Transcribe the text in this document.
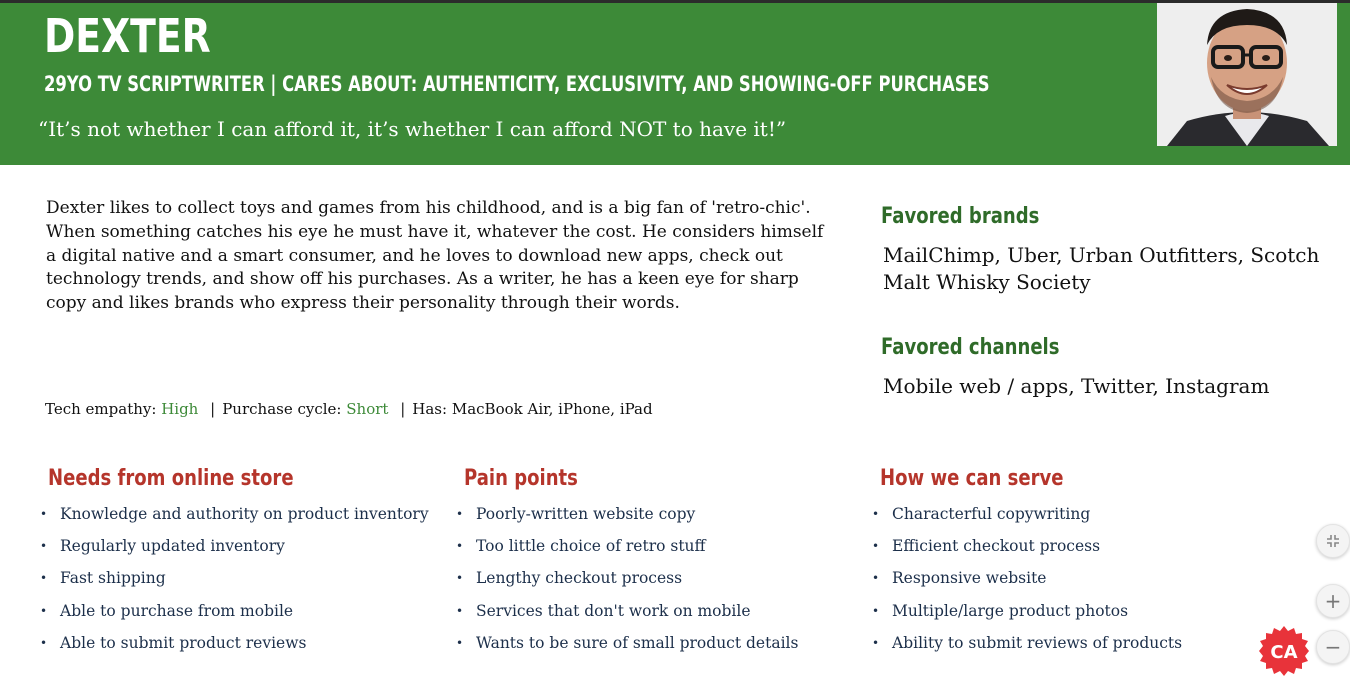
DEXTER
29YO TV SCRIPTWRITER | CARES ABOUT: AUTHENTICITY, EXCLUSIVITY, AND SHOWING-OFF PURCHASES
“It’s not whether I can afford it, it’s whether I can afford NOT to have it!”
Dexter likes to collect toys and games from his childhood, and is a big fan of 'retro-chic'. When something catches his eye he must have it, whatever the cost. He considers himself a digital native and a smart consumer, and he loves to download new apps, check out technology trends, and show off his purchases. As a writer, he has a keen eye for sharp copy and likes brands who express their personality through their words.
Tech empathy: High | Purchase cycle: Short | Has: MacBook Air, iPhone, iPad
Favored brands
MailChimp, Uber, Urban Outfitters, Scotch Malt Whisky Society
Favored channels
Mobile web / apps, Twitter, Instagram
Needs from online store
• Knowledge and authority on product inventory
• Regularly updated inventory
• Fast shipping
• Able to purchase from mobile
• Able to submit product reviews
Pain points
• Poorly-written website copy
• Too little choice of retro stuff
• Lengthy checkout process
• Services that don't work on mobile
• Wants to be sure of small product details
How we can serve
• Characterful copywriting
• Efficient checkout process
• Responsive website
• Multiple/large product photos
• Ability to submit reviews of products
+
−
CA
